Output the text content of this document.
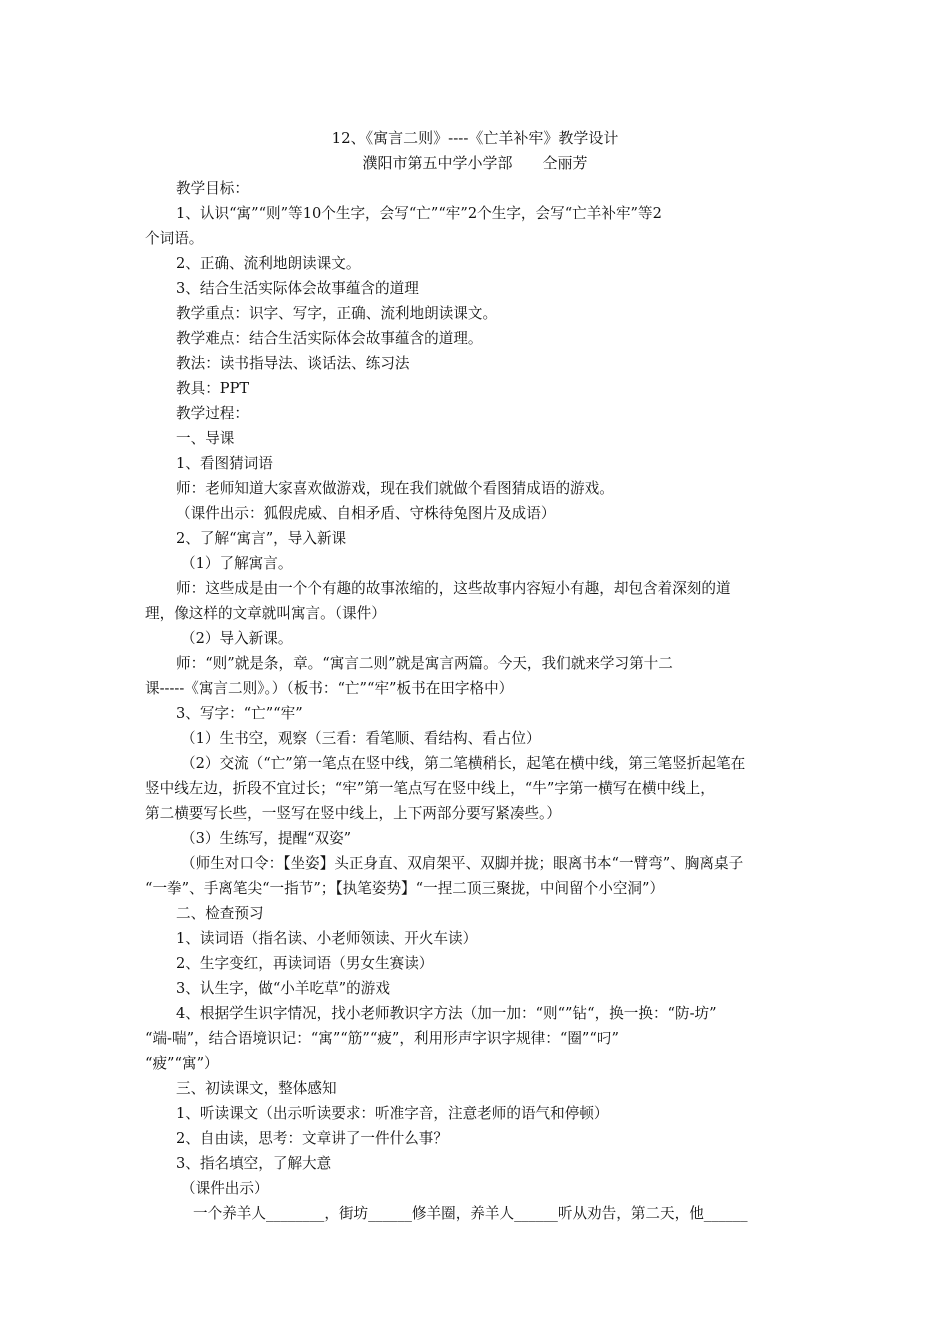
12、《寓言二则》----《亡羊补牢》教学设计
濮阳市第五中学小学部　　仝丽芳
教学目标：
1、认识“寓”“则”等10个生字，会写“亡”“牢”2个生字，会写“亡羊补牢”等2
个词语。
2、正确、流利地朗读课文。
3、结合生活实际体会故事蕴含的道理
教学重点：识字、写字，正确、流利地朗读课文。
教学难点：结合生活实际体会故事蕴含的道理。
教法：读书指导法、谈话法、练习法
教具：PPT
教学过程：
一、导课
1、看图猜词语
师：老师知道大家喜欢做游戏，现在我们就做个看图猜成语的游戏。
（课件出示：狐假虎威、自相矛盾、守株待兔图片及成语）
2、了解“寓言”，导入新课
（1）了解寓言。
师：这些成是由一个个有趣的故事浓缩的，这些故事内容短小有趣，却包含着深刻的道
理，像这样的文章就叫寓言。（课件）
（2）导入新课。
师：“则”就是条，章。“寓言二则”就是寓言两篇。今天，我们就来学习第十二
课-----《寓言二则》。）（板书：“亡”“牢”板书在田字格中）
3、写字：“亡”“牢”
（1）生书空，观察（三看：看笔顺、看结构、看占位）
（2）交流（“亡”第一笔点在竖中线，第二笔横稍长，起笔在横中线，第三笔竖折起笔在
竖中线左边，折段不宜过长；“牢”第一笔点写在竖中线上，“牛”字第一横写在横中线上，
第二横要写长些，一竖写在竖中线上，上下两部分要写紧凑些。）
（3）生练写，提醒“双姿”
（师生对口令：【坐姿】头正身直、双肩架平、双脚并拢；眼离书本“一臂弯”、胸离桌子
“一拳”、手离笔尖“一指节”；【执笔姿势】“一捏二顶三聚拢，中间留个小空洞”）
二、检查预习
1、读词语（指名读、小老师领读、开火车读）
2、生字变红，再读词语（男女生赛读）
3、认生字，做“小羊吃草”的游戏
4、根据学生识字情况，找小老师教识字方法（加一加：“则“”钻“，换一换：“防-坊”
“端-喘”，结合语境识记：“寓”“筋”“疲”，利用形声字识字规律：“圈”“叼”
“疲”“寓”）
三、初读课文，整体感知
1、听读课文（出示听读要求：听准字音，注意老师的语气和停顿）
2、自由读，思考：文章讲了一件什么事？
3、指名填空，了解大意
（课件出示）
一个养羊人________，街坊______修羊圈，养羊人______听从劝告，第二天，他______
